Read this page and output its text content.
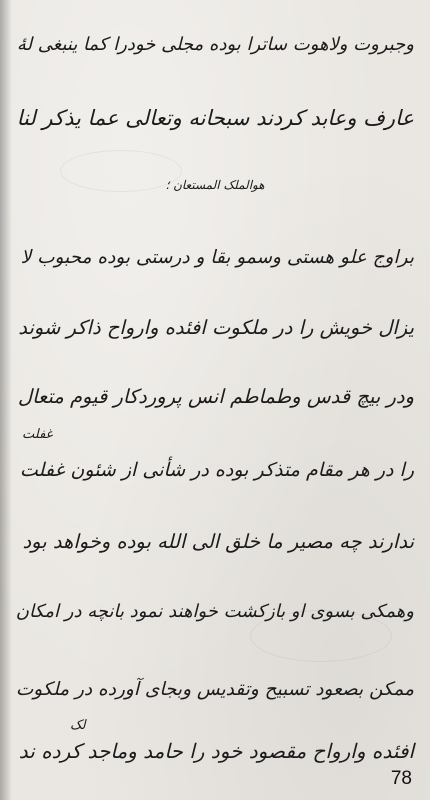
وجبروت ولاهوت ساترا بوده مجلی خودرا کما ینبغی لهٔ
عارف وعابد کردند سبحانه وتعالی عما یذکر لنا
هوالملک المستعان ؛
براوج علو هستی وسمو بقا و درستی بوده محبوب لا
یزال خویش را در ملکوت افئده وارواح ذاکر شوند
ودر بیچ قدس وطماطم انس پروردکار قیوم متعال
را در هر مقام متذکر بوده در شأنی از شئون غفلت
غفلت
ندارند چه مصیر ما خلق الی الله بوده وخواهد بود
وهمکی بسوی او بازکشت خواهند نمود بانچه در امکان
ممکن بصعود تسبیح وتقدیس وبجای آورده در ملکوت
لک
افئده وارواح مقصود خود را حامد وماجد کرده ند
78
